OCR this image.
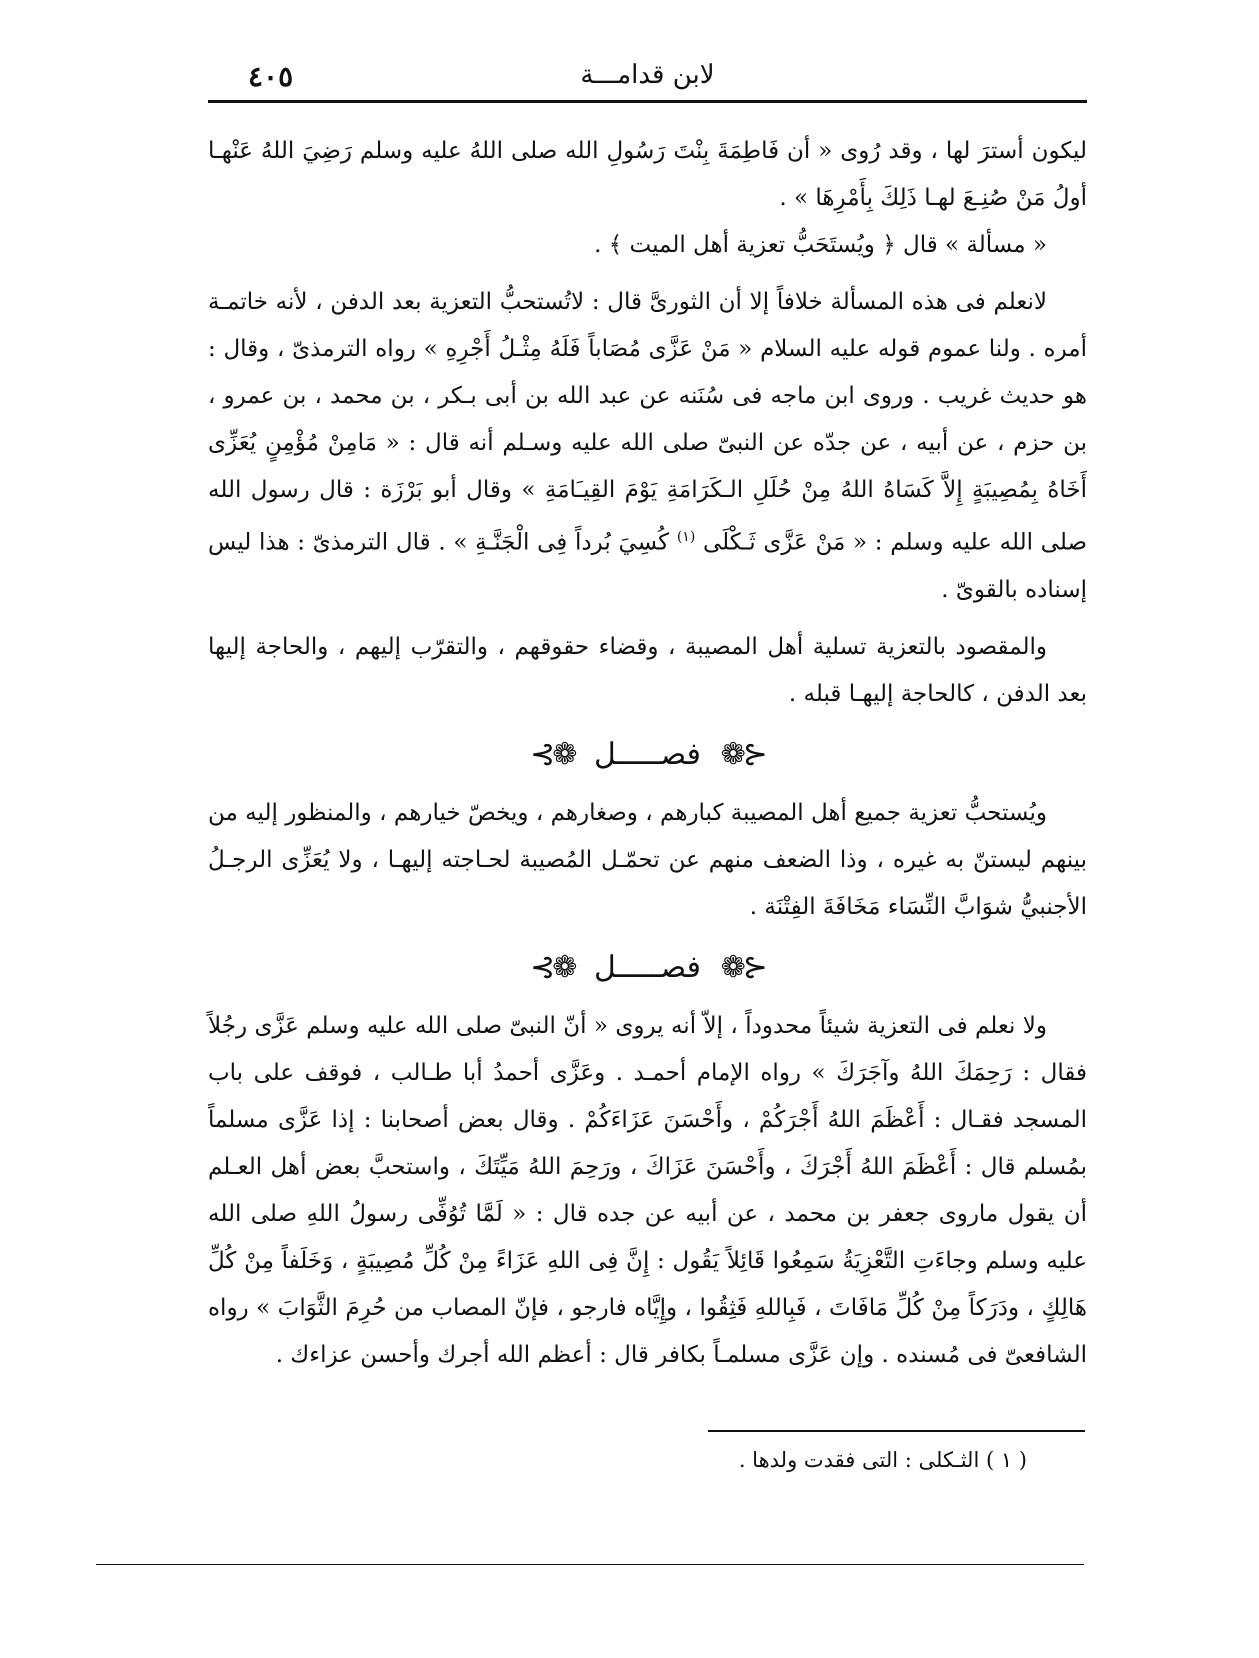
٤٠٥	لابن قدامـــة

ليكون أسترَ لها ، وقد رُوى « أن فَاطِمَةَ بِنْتَ رَسُولِ الله صلى اللهُ عليه وسلم رَضِيَ اللهُ عَنْهـا أولُ مَنْ صُنِـعَ لهـا ذَلِكَ بِأَمْرِهَا » .

« مسألة » قال ﴿ ويُستَحَبُّ تعزية أهل الميت ﴾ .

لانعلم فى هذه المسألة خلافاً إلا أن الثورىَّ قال : لاتُستحبُّ التعزية بعد الدفن ، لأنه خاتمـة أمره . ولنا عموم قوله عليه السلام « مَنْ عَزَّى مُصَاباً فَلَهُ مِثْـلُ أَجْرِهِ » رواه الترمذىّ ، وقال : هو حديث غريب . وروى ابن ماجه فى سُنَنه عن عبد الله بن أبى بـكر ، بن محمد ، بن عمرو ، بن حزم ، عن أبيه ، عن جدّه عن النبىّ صلى الله عليه وسـلم أنه قال : « مَامِنْ مُؤْمِنٍ يُعَزِّى أَخَاهُ بِمُصِيبَةٍ إِلاَّ كَسَاهُ اللهُ مِنْ حُلَلِ الـكَرَامَةِ يَوْمَ القِيـَامَةِ » وقال أبو بَرْزَة : قال رسول الله صلى الله عليه وسلم : « مَنْ عَزَّى ثَـكْلَى $^{(١)}$ كُسِيَ بُرداً فِى الْجَنَّـةِ » . قال الترمذىّ : هذا ليس إسناده بالقوىّ .

والمقصود بالتعزية تسلية أهل المصيبة ، وقضاء حقوقهم ، والتقرّب إليهم ، والحاجة إليها بعد الدفن ، كالحاجة إليهـا قبله .

⊰❁ فصـــــل ❁⊱

ويُستحبُّ تعزية جميع أهل المصيبة كبارهم ، وصغارهم ، ويخصّ خيارهم ، والمنظور إليه من بينهم ليستنّ به غيره ، وذا الضعف منهم عن تحمّـل المُصيبة لحـاجته إليهـا ، ولا يُعَزِّى الرجـلُ الأجنبيُّ شوَابَّ النِّسَاء مَخَافَةَ الفِتْنَة .

⊰❁ فصـــــل ❁⊱

ولا نعلم فى التعزية شيئاً محدوداً ، إلاّ أنه يروى « أنّ النبىّ صلى الله عليه وسلم عَزَّى رجُلاً فقال : رَحِمَكَ اللهُ وآجَرَكَ » رواه الإمام أحمـد . وعَزَّى أحمدُ أبا طـالب ، فوقف على باب المسجد فقـال : أَعْظَمَ اللهُ أَجْرَكُمْ ، وأَحْسَنَ عَزَاءَكُمْ . وقال بعض أصحابنا : إذا عَزَّى مسلماً بمُسلم قال : أَعْظَمَ اللهُ أَجْرَكَ ، وأَحْسَنَ عَزَاكَ ، ورَحِمَ اللهُ مَيِّتَكَ ، واستحبَّ بعض أهل العـلم أن يقول ماروى جعفر بن محمد ، عن أبيه عن جده قال : « لَمَّا تُوُفِّى رسولُ اللهِ صلى الله عليه وسلم وجاءَتِ التَّعْزِيَةُ سَمِعُوا قَائِلاً يَقُول : إِنَّ فِى اللهِ عَزَاءً مِنْ كُلِّ مُصِيبَةٍ ، وَخَلَفاً مِنْ كُلِّ هَالِكٍ ، ودَرَكاً مِنْ كُلِّ مَافَاتَ ، فَبِاللهِ فَثِقُوا ، وإِيَّاه فارجو ، فإنّ المصاب من حُرِمَ الثَّوَابَ » رواه الشافعىّ فى مُسنده . وإن عَزَّى مسلمـاً بكافر قال : أعظم الله أجرك وأحسن عزاءك .

( ١ ) الثـكلى : التى فقدت ولدها .
